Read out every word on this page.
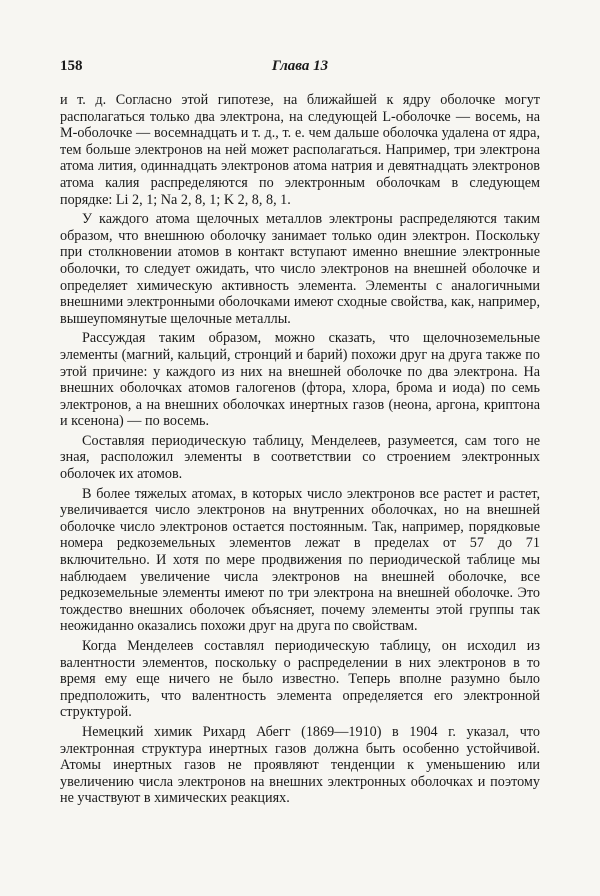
158	Глава 13

и т. д. Согласно этой гипотезе, на ближайшей к ядру оболочке могут располагаться только два электрона, на следующей L-оболочке — восемь, на M-оболочке — восемнадцать и т. д., т. е. чем дальше оболочка удалена от ядра, тем больше электронов на ней может располагаться. Например, три электрона атома лития, одиннадцать электронов атома натрия и девятнадцать электронов атома калия распределяются по электронным оболочкам в следующем порядке: Li 2, 1; Na 2, 8, 1; K 2, 8, 8, 1.

У каждого атома щелочных металлов электроны распределяются таким образом, что внешнюю оболочку занимает только один электрон. Поскольку при столкновении атомов в контакт вступают именно внешние электронные оболочки, то следует ожидать, что число электронов на внешней оболочке и определяет химическую активность элемента. Элементы с аналогичными внешними электронными оболочками имеют сходные свойства, как, например, вышеупомянутые щелочные металлы.

Рассуждая таким образом, можно сказать, что щелочноземельные элементы (магний, кальций, стронций и барий) похожи друг на друга также по этой причине: у каждого из них на внешней оболочке по два электрона. На внешних оболочках атомов галогенов (фтора, хлора, брома и иода) по семь электронов, а на внешних оболочках инертных газов (неона, аргона, криптона и ксенона) — по восемь.

Составляя периодическую таблицу, Менделеев, разумеется, сам того не зная, расположил элементы в соответствии со строением электронных оболочек их атомов.

В более тяжелых атомах, в которых число электронов все растет и растет, увеличивается число электронов на внутренних оболочках, но на внешней оболочке число электронов остается постоянным. Так, например, порядковые номера редкоземельных элементов лежат в пределах от 57 до 71 включительно. И хотя по мере продвижения по периодической таблице мы наблюдаем увеличение числа электронов на внешней оболочке, все редкоземельные элементы имеют по три электрона на внешней оболочке. Это тождество внешних оболочек объясняет, почему элементы этой группы так неожиданно оказались похожи друг на друга по свойствам.

Когда Менделеев составлял периодическую таблицу, он исходил из валентности элементов, поскольку о распределении в них электронов в то время ему еще ничего не было известно. Теперь вполне разумно было предположить, что валентность элемента определяется его электронной структурой.

Немецкий химик Рихард Абегг (1869—1910) в 1904 г. указал, что электронная структура инертных газов должна быть особенно устойчивой. Атомы инертных газов не проявляют тенденции к уменьшению или увеличению числа электронов на внешних электронных оболочках и поэтому не участвуют в химических реакциях.
